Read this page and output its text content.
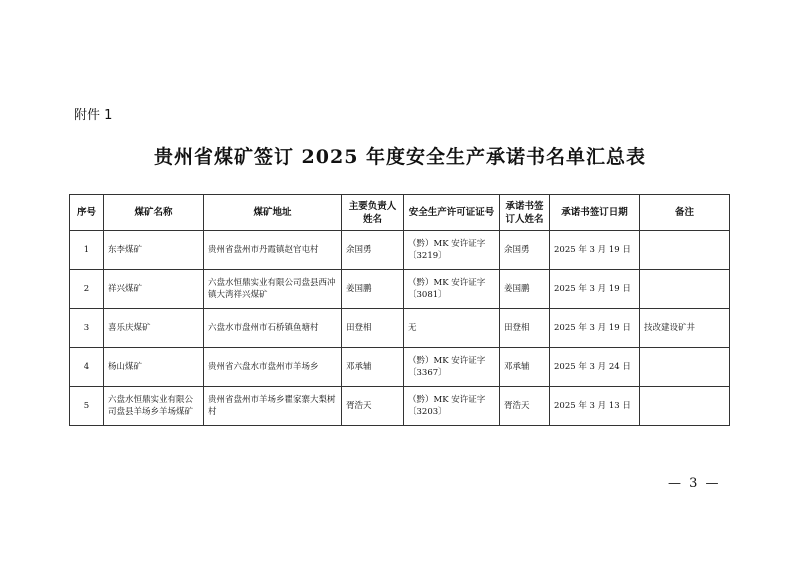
附件 1
贵州省煤矿签订 2025 年度安全生产承诺书名单汇总表
序号	煤矿名称	煤矿地址	主要负责人姓名	安全生产许可证证号	承诺书签订人姓名	承诺书签订日期	备注
1	东李煤矿	贵州省盘州市丹霞镇赵官屯村	余国勇	（黔）MK 安许证字〔3219〕	余国勇	2025 年 3 月 19 日	
2	祥兴煤矿	六盘水恒鼎实业有限公司盘县西冲镇大湾祥兴煤矿	姜国鹏	（黔）MK 安许证字〔3081〕	姜国鹏	2025 年 3 月 19 日	
3	喜乐庆煤矿	六盘水市盘州市石桥镇鱼塘村	田登相	无	田登相	2025 年 3 月 19 日	技改建设矿井
4	杨山煤矿	贵州省六盘水市盘州市羊场乡	邓承辅	（黔）MK 安许证字〔3367〕	邓承辅	2025 年 3 月 24 日	
5	六盘水恒鼎实业有限公司盘县羊场乡羊场煤矿	贵州省盘州市羊场乡瞿家寨大梨树村	胥浩天	（黔）MK 安许证字〔3203〕	胥浩天	2025 年 3 月 13 日	
— 3 —
